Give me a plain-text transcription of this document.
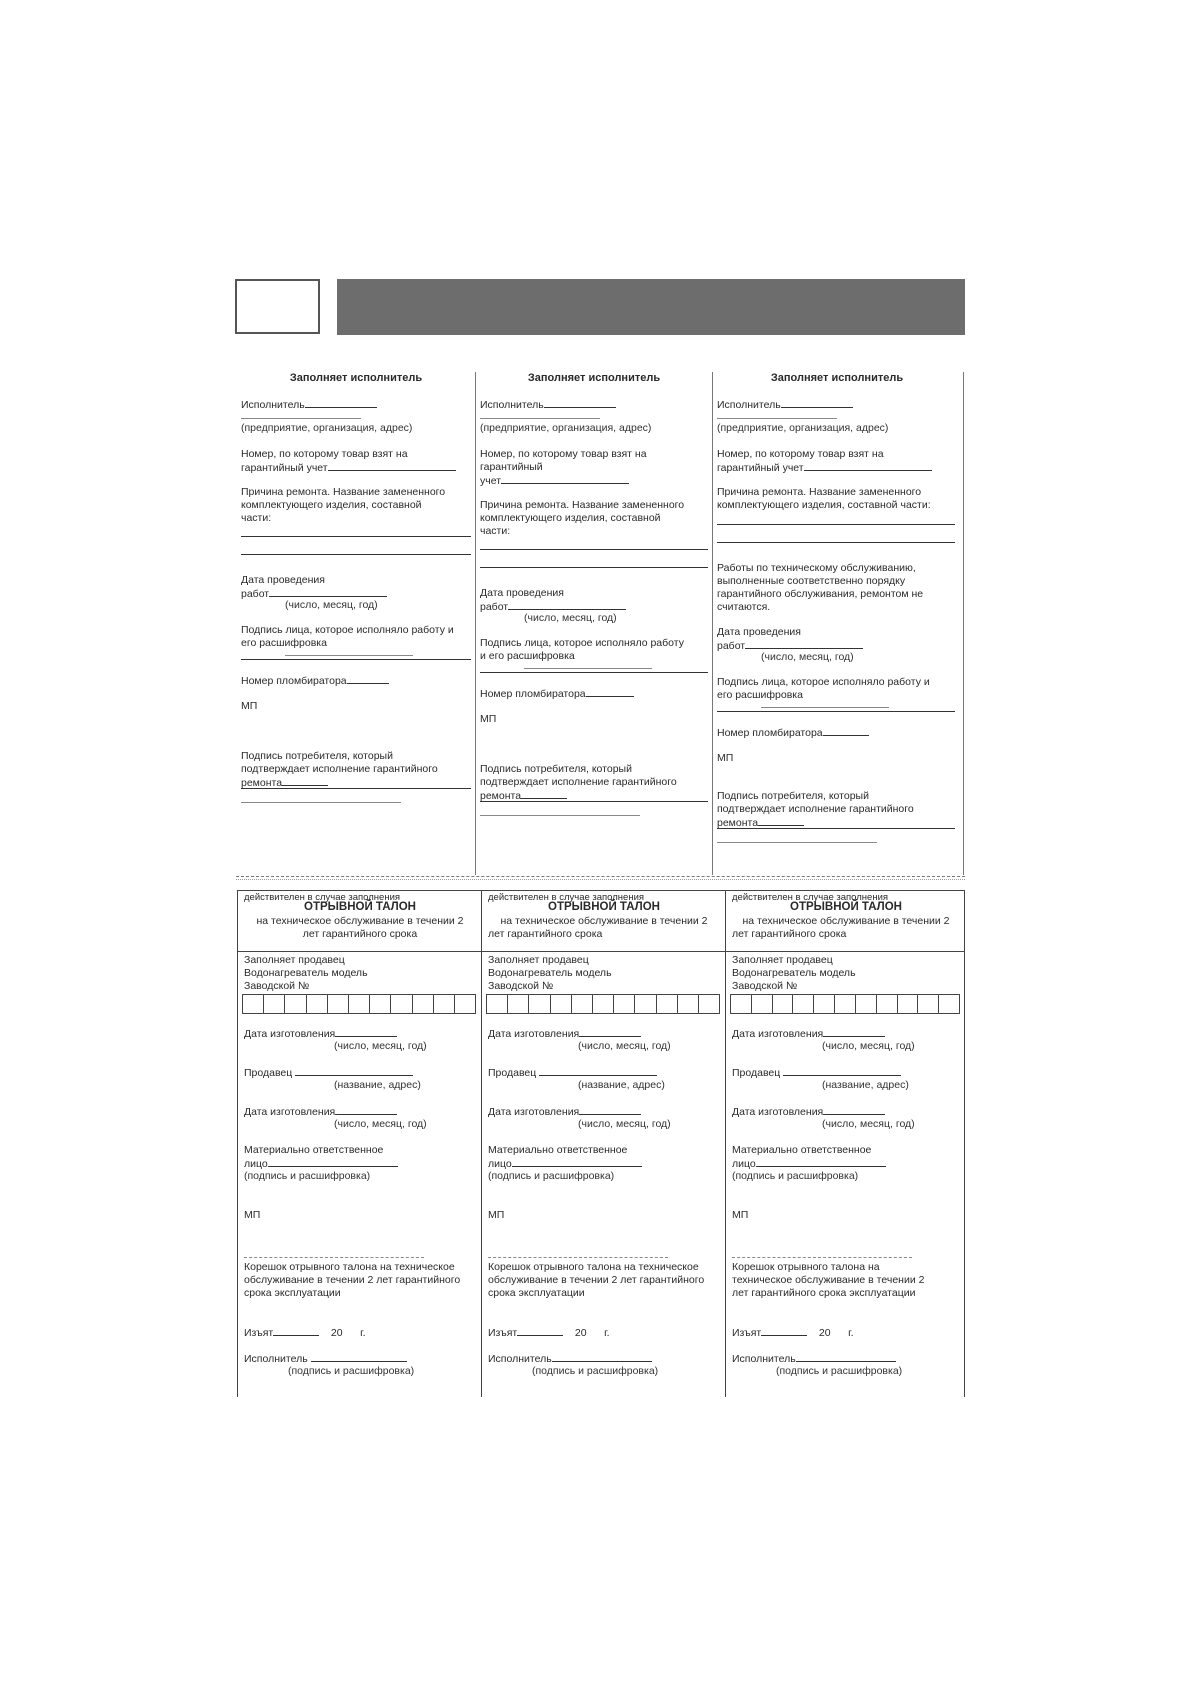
Заполняет исполнитель
Исполнитель
(предприятие, организация, адрес)
Номер, по которому товар взят на
гарантийный учет
Причина ремонта. Название замененного
комплектующего изделия, составной
части:
Дата проведения
работ
(число, месяц, год)
Подпись лица, которое исполняло работу и
его расшифровка
Номер пломбиратора
МП
Подпись потребителя, который
подтверждает исполнение гарантийного
ремонта
Заполняет исполнитель
Исполнитель
(предприятие, организация, адрес)
Номер, по которому товар взят на
гарантийный
учет
Причина ремонта. Название замененного
комплектующего изделия, составной
части:
Дата проведения
работ
(число, месяц, год)
Подпись лица, которое исполняло работу
и его расшифровка
Номер пломбиратора
МП
Подпись потребителя, который
подтверждает исполнение гарантийного
ремонта
Заполняет исполнитель
Исполнитель
(предприятие, организация, адрес)
Номер, по которому товар взят на
гарантийный учет
Причина ремонта. Название замененного
комплектующего изделия, составной части:
Работы по техническому обслуживанию,
выполненные соответственно порядку
гарантийного обслуживания, ремонтом не
считаются.
Дата проведения
работ
(число, месяц, год)
Подпись лица, которое исполняло работу и
его расшифровка
Номер пломбиратора
МП
Подпись потребителя, который
подтверждает исполнение гарантийного
ремонта
действителен в случае заполнения
ОТРЫВНОЙ ТАЛОН
на техническое обслуживание в течении 2
лет гарантийного срока
Заполняет продавец
Водонагреватель модель
Заводской №
Дата изготовления
(число, месяц, год)
Продавец
(название, адрес)
Дата изготовления
(число, месяц, год)
Материально ответственное
лицо
(подпись и расшифровка)
МП
Корешок отрывного талона на техническое
обслуживание в течении 2 лет гарантийного
срока эксплуатации
Изъят	20 г.
Исполнитель
(подпись и расшифровка)
действителен в случае заполнения
ОТРЫВНОЙ ТАЛОН
на техническое обслуживание в течении 2
лет гарантийного срока
Заполняет продавец
Водонагреватель модель
Заводской №
Дата изготовления
(число, месяц, год)
Продавец
(название, адрес)
Дата изготовления
(число, месяц, год)
Материально ответственное
лицо
(подпись и расшифровка)
МП
Корешок отрывного талона на техническое
обслуживание в течении 2 лет гарантийного
срока эксплуатации
Изъят	20 г.
Исполнитель
(подпись и расшифровка)
действителен в случае заполнения
ОТРЫВНОЙ ТАЛОН
на техническое обслуживание в течении 2
лет гарантийного срока
Заполняет продавец
Водонагреватель модель
Заводской №
Дата изготовления
(число, месяц, год)
Продавец
(название, адрес)
Дата изготовления
(число, месяц, год)
Материально ответственное
лицо
(подпись и расшифровка)
МП
Корешок отрывного талона на
техническое обслуживание в течении 2
лет гарантийного срока эксплуатации
Изъят	20 г.
Исполнитель
(подпись и расшифровка)
